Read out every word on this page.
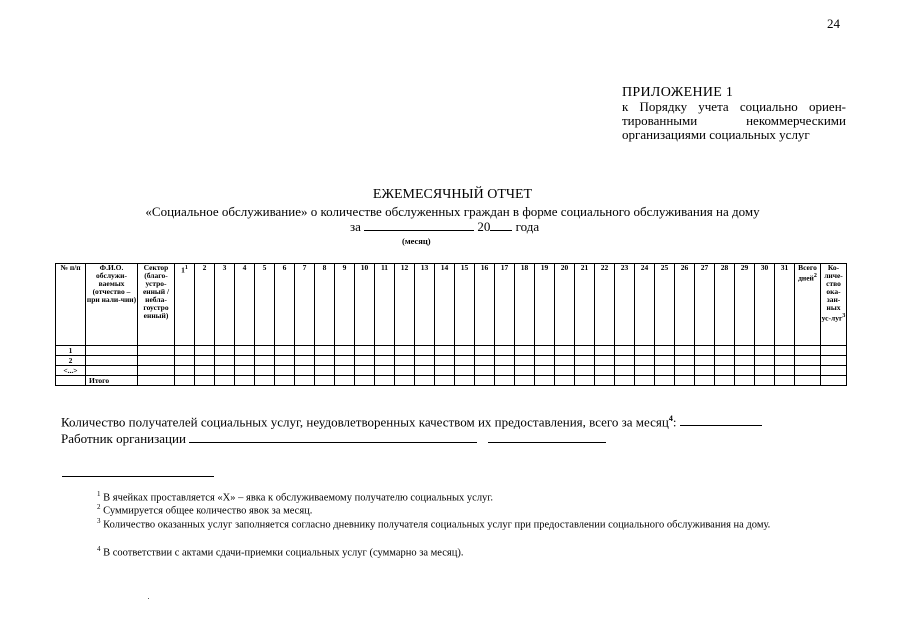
24
ПРИЛОЖЕНИЕ 1
к Порядку учета социально ориен-
тированными некоммерческими
организациями социальных услуг
ЕЖЕМЕСЯЧНЫЙ ОТЧЕТ
«Социальное обслуживание» о количестве обслуженных граждан в форме социального обслуживания на дому
за	20 года
(месяц)
№ п/п	Ф.И.О. обслужи-ваемых (отчество – при нали-чии)	Сектор (благо-устро-енный / неблa-гоустро енный)	$1^1$	2	3	4	5	6	7	8	9	10	11	12	13	14	15	16	17	18	19	20	21	22	23	24	25	26	27	28	29	30	31	Всего дней$^2$	Ко-личе-ство ока-зан-ных ус-луг$^3$
1																																			
2																																			
<...>																																			
	Итого																																		
Количество получателей социальных услуг, неудовлетворенных качеством их предоставления, всего за месяц$^4$:
Работник организации
$^1$ В ячейках проставляется «Х» – явка к обслуживаемому получателю социальных услуг.
$^2$ Суммируется общее количество явок за месяц.
$^3$ Количество оказанных услуг заполняется согласно дневнику получателя социальных услуг при предоставлении социального обслуживания на дому.
$^4$ В соответствии с актами сдачи-приемки социальных услуг (суммарно за месяц).
